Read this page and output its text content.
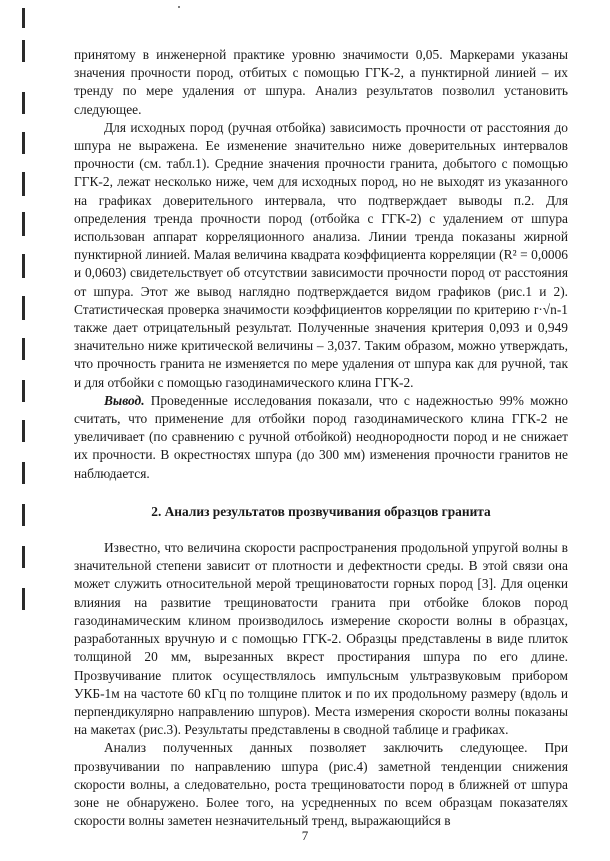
принятому в инженерной практике уровню значимости 0,05. Маркерами указаны значения прочности пород, отбитых с помощью ГГК-2, а пунктирной линией – их тренду по мере удаления от шпура. Анализ результатов позволил установить следующее.

Для исходных пород (ручная отбойка) зависимость прочности от расстояния до шпура не выражена. Ее изменение значительно ниже доверительных интервалов прочности (см. табл.1). Средние значения прочности гранита, добытого с помощью ГГК-2, лежат несколько ниже, чем для исходных пород, но не выходят из указанного на графиках доверительного интервала, что подтверждает выводы п.2. Для определения тренда прочности пород (отбойка с ГГК-2) с удалением от шпура использован аппарат корреляционного анализа. Линии тренда показаны жирной пунктирной линией. Малая величина квадрата коэффициента корреляции (R² = 0,0006 и 0,0603) свидетельствует об отсутствии зависимости прочности пород от расстояния от шпура. Этот же вывод наглядно подтверждается видом графиков (рис.1 и 2). Статистическая проверка значимости коэффициентов корреляции по критерию r·√n-1 также дает отрицательный результат. Полученные значения критерия 0,093 и 0,949 значительно ниже критической величины – 3,037. Таким образом, можно утверждать, что прочность гранита не изменяется по мере удаления от шпура как для ручной, так и для отбойки с помощью газодинамического клина ГГК-2.

Вывод. Проведенные исследования показали, что с надежностью 99% можно считать, что применение для отбойки пород газодинамического клина ГГК-2 не увеличивает (по сравнению с ручной отбойкой) неоднородности пород и не снижает их прочности. В окрестностях шпура (до 300 мм) изменения прочности гранитов не наблюдается.

2. Анализ результатов прозвучивания образцов гранита

Известно, что величина скорости распространения продольной упругой волны в значительной степени зависит от плотности и дефектности среды. В этой связи она может служить относительной мерой трещиноватости горных пород [3]. Для оценки влияния на развитие трещиноватости гранита при отбойке блоков пород газодинамическим клином производилось измерение скорости волны в образцах, разработанных вручную и с помощью ГГК-2. Образцы представлены в виде плиток толщиной 20 мм, вырезанных вкрест простирания шпура по его длине. Прозвучивание плиток осуществлялось импульсным ультразвуковым прибором УКБ-1м на частоте 60 кГц по толщине плиток и по их продольному размеру (вдоль и перпендикулярно направлению шпуров). Места измерения скорости волны показаны на макетах (рис.3). Результаты представлены в сводной таблице и графиках.

Анализ полученных данных позволяет заключить следующее. При прозвучивании по направлению шпура (рис.4) заметной тенденции снижения скорости волны, а следовательно, роста трещиноватости пород в ближней от шпура зоне не обнаружено. Более того, на усредненных по всем образцам показателях скорости волны заметен незначительный тренд, выражающийся в

7
